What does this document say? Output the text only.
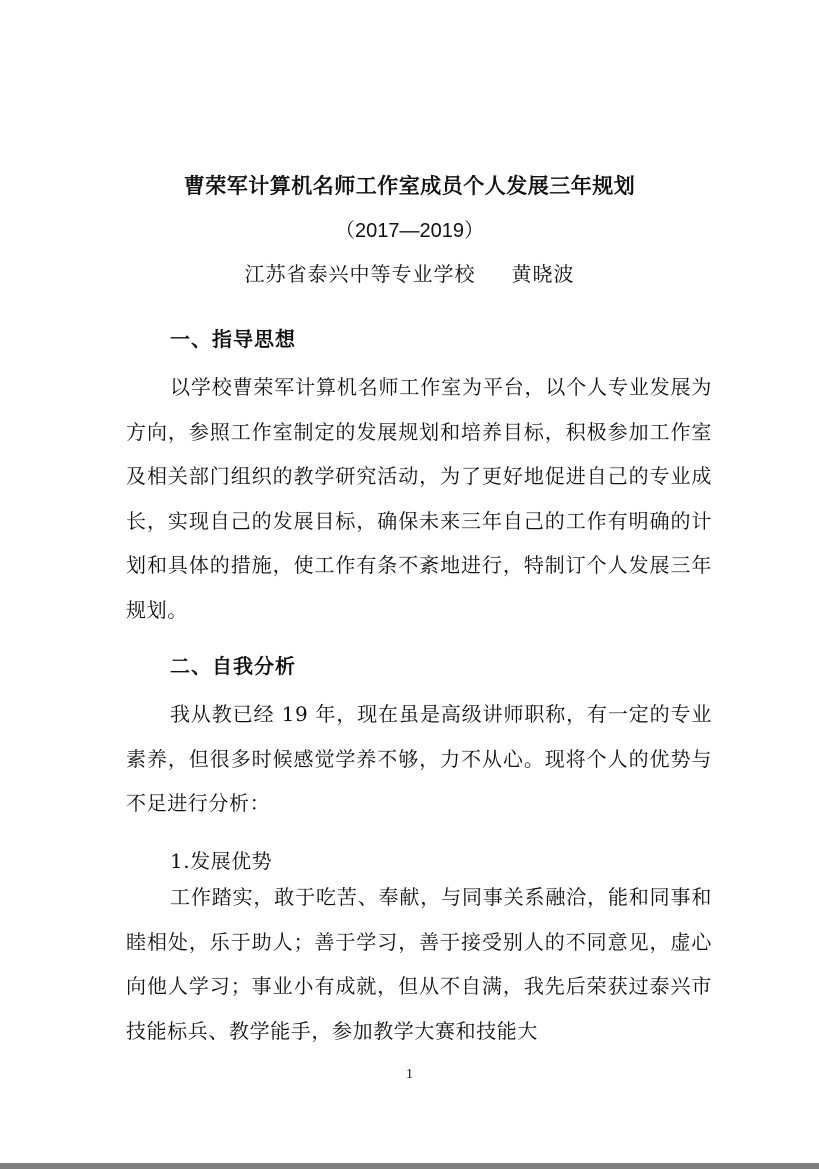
曹荣军计算机名师工作室成员个人发展三年规划
（2017—2019）
江苏省泰兴中等专业学校 黄晓波
一、指导思想

以学校曹荣军计算机名师工作室为平台，以个人专业发展为方向，参照工作室制定的发展规划和培养目标，积极参加工作室及相关部门组织的教学研究活动，为了更好地促进自己的专业成长，实现自己的发展目标，确保未来三年自己的工作有明确的计划和具体的措施，使工作有条不紊地进行，特制订个人发展三年规划。

二、自我分析

我从教已经 19 年，现在虽是高级讲师职称，有一定的专业素养，但很多时候感觉学养不够，力不从心。现将个人的优势与不足进行分析：

1.发展优势

工作踏实，敢于吃苦、奉献，与同事关系融洽，能和同事和睦相处，乐于助人；善于学习，善于接受别人的不同意见，虚心向他人学习；事业小有成就，但从不自满，我先后荣获过泰兴市技能标兵、教学能手，参加教学大赛和技能大

1
